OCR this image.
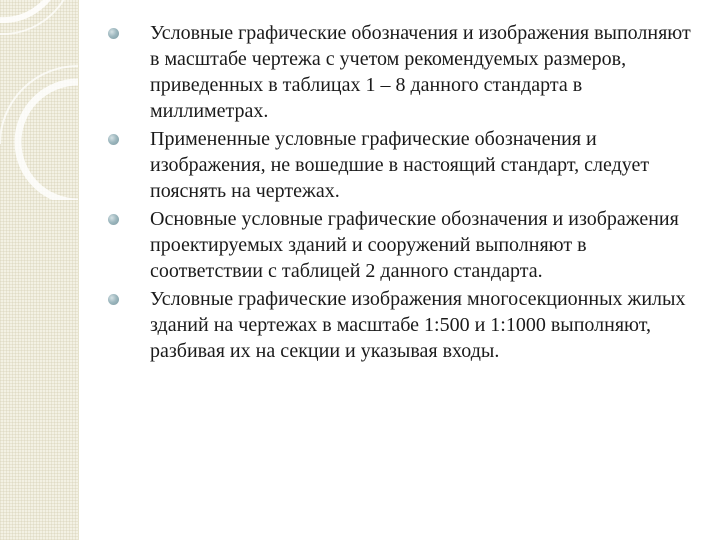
Условные графические обозначения и изображения выполняют в масштабе чертежа с учетом рекомендуемых размеров, приведенных в таблицах 1 – 8 данного стандарта в миллиметрах.
Примененные условные графические обозначения и изображения, не вошедшие в настоящий стандарт, следует пояснять на чертежах.
Основные условные графические обозначения и изображения проектируемых зданий и сооружений выполняют в соответствии с таблицей 2 данного стандарта.
Условные графические изображения многосекционных жилых зданий на чертежах в масштабе 1:500 и 1:1000 выполняют, разбивая их на секции и указывая входы.
